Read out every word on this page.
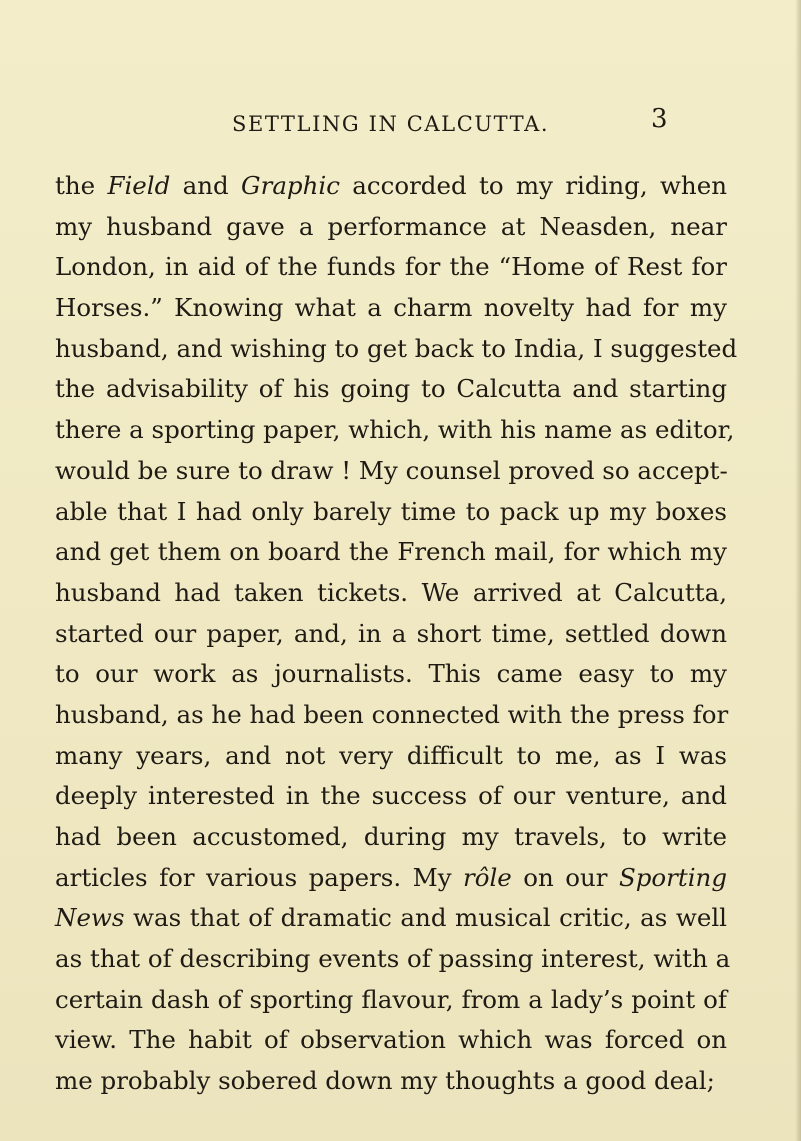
SETTLING IN CALCUTTA.	3
the Field and Graphic accorded to my riding, when
my husband gave a performance at Neasden, near
London, in aid of the funds for the “Home of Rest for
Horses.” Knowing what a charm novelty had for my
husband, and wishing to get back to India, I suggested
the advisability of his going to Calcutta and starting
there a sporting paper, which, with his name as editor,
would be sure to draw ! My counsel proved so accept-
able that I had only barely time to pack up my boxes
and get them on board the French mail, for which my
husband had taken tickets. We arrived at Calcutta,
started our paper, and, in a short time, settled down
to our work as journalists. This came easy to my
husband, as he had been connected with the press for
many years, and not very difficult to me, as I was
deeply interested in the success of our venture, and
had been accustomed, during my travels, to write
articles for various papers. My rôle on our Sporting
News was that of dramatic and musical critic, as well
as that of describing events of passing interest, with a
certain dash of sporting flavour, from a lady’s point of
view. The habit of observation which was forced on
me probably sobered down my thoughts a good deal;
